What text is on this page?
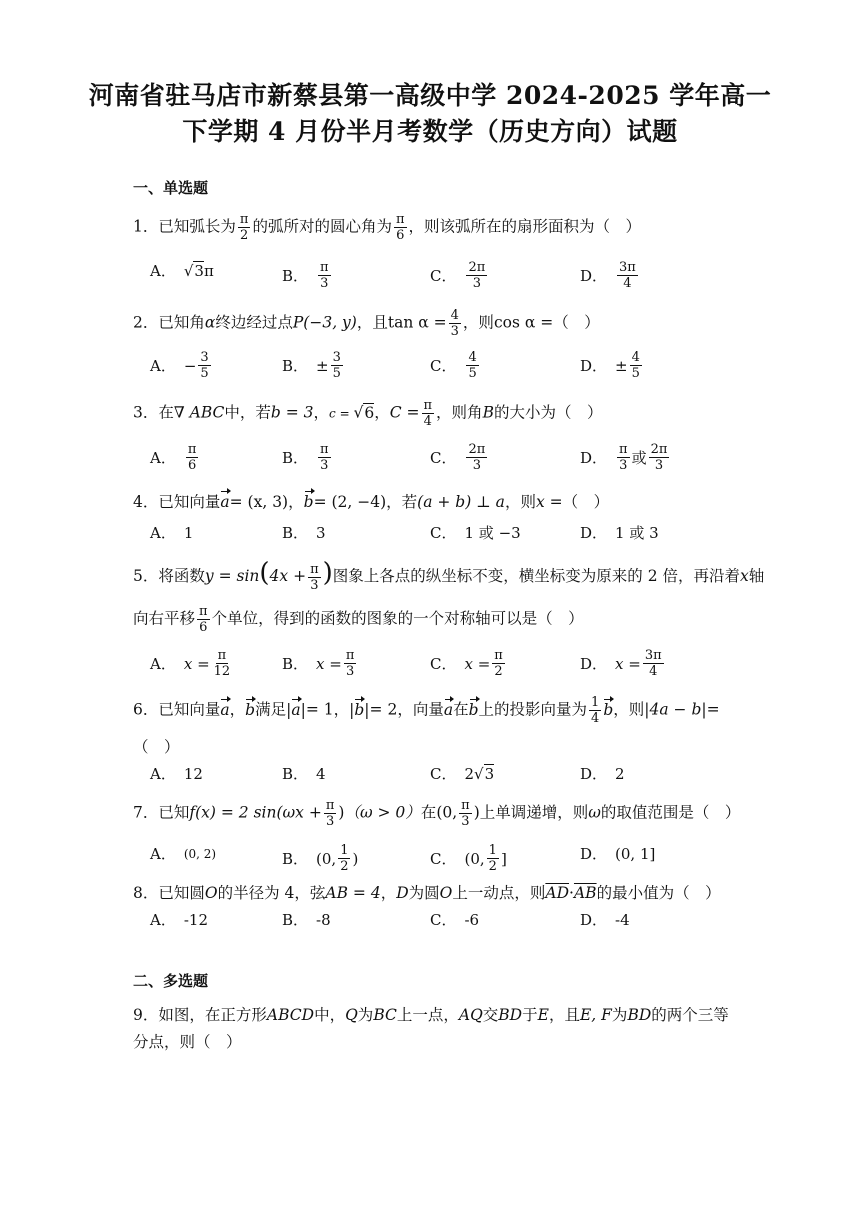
河南省驻马店市新蔡县第一高级中学 2024-2025 学年高一
下学期 4 月份半月考数学（历史方向）试题
一、单选题
1．已知弧长为 $\frac{\pi}{2}$ 的弧所对的圆心角为 $\frac{\pi}{6}$ ，则该弧所在的扇形面积为（　）
A． √ 3 π	B． $\frac{\pi}{3}$	C． $\frac{2\pi}{3}$	D． $\frac{3\pi}{4}$
2．已知角α终边经过点P(−3, y)，且$\tan \alpha = \frac{4}{3}$ ，则cos α =（　）
A． − $\frac{3}{5}$	B． ± $\frac{3}{5}$	C． $\frac{4}{5}$	D． ± $\frac{4}{5}$
3．在∇ ABC中，若b = 3，c = √6，$C = \frac{\pi}{4}$ ，则角B的大小为（　）
A． $\frac{\pi}{6}$	B． $\frac{\pi}{3}$	C． $\frac{2\pi}{3}$	D． $\frac{\pi}{3}$ 或 $\frac{2\pi}{3}$
4．已知向量a= (x, 3)，b= (2, −4)，若(a + b) ⊥ a，则x =（　）
A． 1	B． 3	C． 1 或 −3	D． 1 或 3
5．将函数$y = \sin(4x + \frac{\pi}{3}$ )图象上各点的纵坐标不变，横坐标变为原来的 2 倍，再沿着x轴
向右平移 $\frac{\pi}{6}$ 个单位，得到的函数的图象的一个对称轴可以是（　）
A． $x = \frac{\pi}{12}$	B． $x = \frac{\pi}{3}$	C． $x = \frac{\pi}{2}$	D． $x = \frac{3\pi}{4}$
6．已知向量a，b满足|a|= 1，|b|= 2，向量a在b上的投影向量为 $\frac{1}{4}$ b，则|4a − b|=
（　）
A． 12	B． 4	C． 2 √ 3	D． 2
7．已知f(x) = 2 $\sin(\omega x + \frac{\pi}{3} )(\omega > 0)$在(0, $\frac{\pi}{3}$ )上单调递增，则ω的取值范围是（　）
A． (0, 2)	B． (0, $\frac{1}{2}$ )	C． (0, $\frac{1}{2}$ ]	D． (0, 1]
8．已知圆O的半径为 4，弦AB = 4，D为圆O上一动点，则$\overline{AD}\cdot\overline{AB}$的最小值为（　）
A． -12	B． -8	C． -6	D． -4
二、多选题
9．如图，在正方形ABCD中，Q为BC上一点，AQ交BD于E，且E, F为BD的两个三等
分点，则（　）
